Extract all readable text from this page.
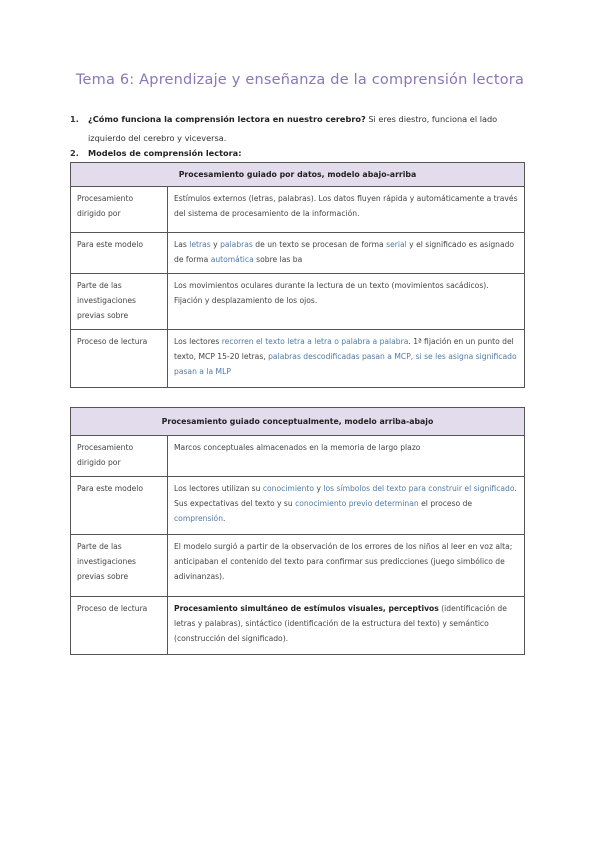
Tema 6: Aprendizaje y enseñanza de la comprensión lectora
1. ¿Cómo funciona la comprensión lectora en nuestro cerebro? Si eres diestro, funciona el lado izquierdo del cerebro y viceversa.
2. Modelos de comprensión lectora:
Procesamiento guiado por datos, modelo abajo-arriba	
Procesamiento dirigido por	Estímulos externos (letras, palabras). Los datos fluyen rápida y automáticamente a través del sistema de procesamiento de la información.
Para este modelo	Las letras y palabras de un texto se procesan de forma serial y el significado es asignado de forma automática sobre las ba
Parte de las investigaciones previas sobre	Los movimientos oculares durante la lectura de un texto (movimientos sacádicos). Fijación y desplazamiento de los ojos.
Proceso de lectura	Los lectores recorren el texto letra a letra o palabra a palabra. 1ª fijación en un punto del texto, MCP 15-20 letras, palabras descodificadas pasan a MCP, si se les asigna significado pasan a la MLP
Procesamiento guiado conceptualmente, modelo arriba-abajo	
Procesamiento dirigido por	Marcos conceptuales almacenados en la memoria de largo plazo
Para este modelo	Los lectores utilizan su conocimiento y los símbolos del texto para construir el significado. Sus expectativas del texto y su conocimiento previo determinan el proceso de comprensión.
Parte de las investigaciones previas sobre	El modelo surgió a partir de la observación de los errores de los niños al leer en voz alta; anticipaban el contenido del texto para confirmar sus predicciones (juego simbólico de adivinanzas).
Proceso de lectura	Procesamiento simultáneo de estímulos visuales, perceptivos (identificación de letras y palabras), sintáctico (identificación de la estructura del texto) y semántico (construcción del significado).
